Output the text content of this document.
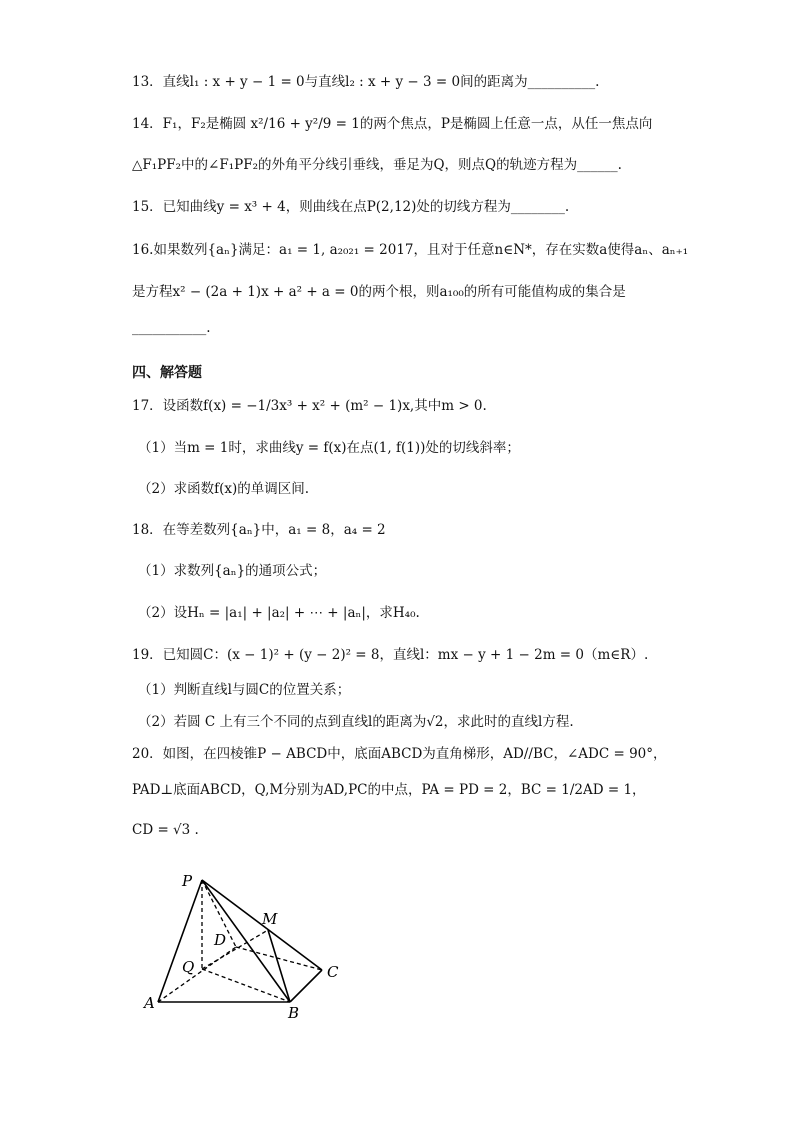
13．直线l₁ : x + y − 1 = 0与直线l₂ : x + y − 3 = 0间的距离为__________.
14．F₁，F₂是椭圆 x²/16 + y²/9 = 1的两个焦点，P是椭圆上任意一点，从任一焦点向
△F₁PF₂中的∠F₁PF₂的外角平分线引垂线，垂足为Q，则点Q的轨迹方程为______.
15．已知曲线y = x³ + 4，则曲线在点P(2,12)处的切线方程为________.
16.如果数列{aₙ}满足：a₁ = 1, a₂₀₂₁ = 2017，且对于任意n∈N*，存在实数a使得aₙ、aₙ₊₁
是方程x² − (2a + 1)x + a² + a = 0的两个根，则a₁₀₀的所有可能值构成的集合是
___________.
四、解答题
17．设函数f(x) = −1/3x³ + x² + (m² − 1)x,其中m > 0.
（1）当m = 1时，求曲线y = f(x)在点(1, f(1))处的切线斜率；
（2）求函数f(x)的单调区间.
18．在等差数列{aₙ}中，a₁ = 8，a₄ = 2
（1）求数列{aₙ}的通项公式；
（2）设Hₙ = |a₁| + |a₂| + ⋯ + |aₙ|，求H₄₀.
19．已知圆C：(x − 1)² + (y − 2)² = 8，直线l：mx − y + 1 − 2m = 0（m∈R）.
（1）判断直线l与圆C的位置关系；
（2）若圆 C 上有三个不同的点到直线l的距离为√2，求此时的直线l方程.
20．如图，在四棱锥P − ABCD中，底面ABCD为直角梯形，AD//BC，∠ADC = 90°，
PAD⊥底面ABCD，Q,M分别为AD,PC的中点，PA = PD = 2，BC = 1/2AD = 1，
CD = √3 .
P
M
D
Q
A
B
C
